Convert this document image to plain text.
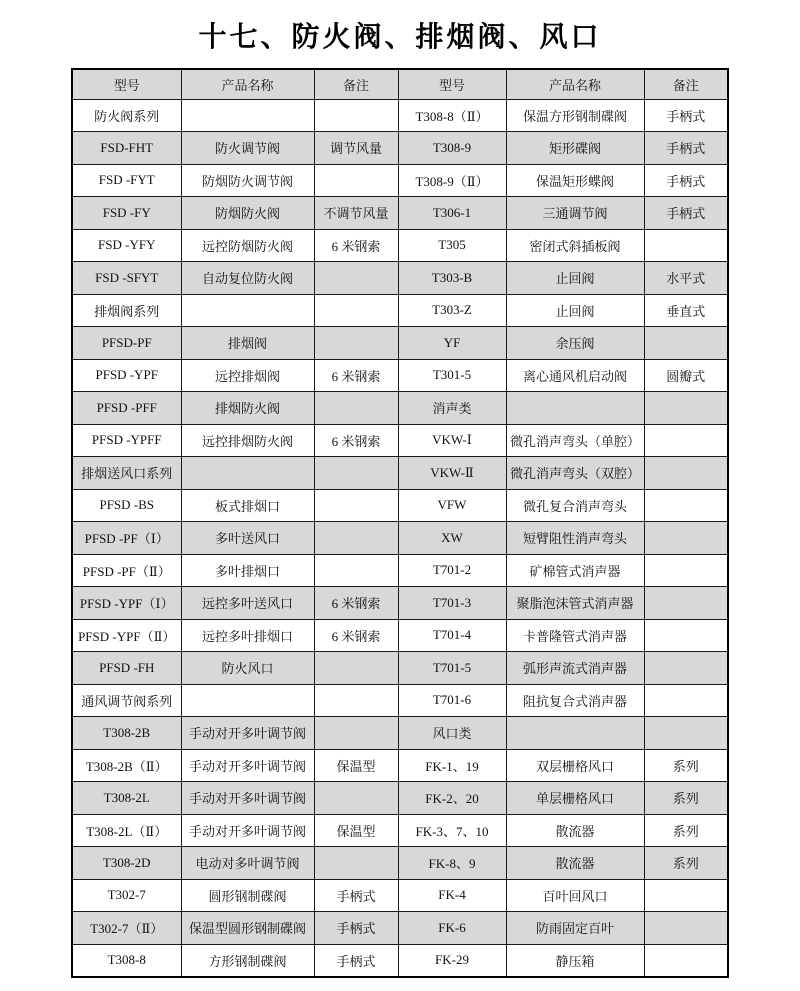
十七、防火阀、排烟阀、风口
型号	产品名称	备注	型号	产品名称	备注
防火阀系列			T308-8（Ⅱ）	保温方形钢制碟阀	手柄式
FSD-FHT	防火调节阀	调节风量	T308-9	矩形碟阀	手柄式
FSD -FYT	防烟防火调节阀		T308-9（Ⅱ）	保温矩形蝶阀	手柄式
FSD -FY	防烟防火阀	不调节风量	T306-1	三通调节阀	手柄式
FSD -YFY	远控防烟防火阀	6 米钢索	T305	密闭式斜插板阀	
FSD -SFYT	自动复位防火阀		T303-B	止回阀	水平式
排烟阀系列			T303-Z	止回阀	垂直式
PFSD-PF	排烟阀		YF	余压阀	
PFSD -YPF	远控排烟阀	6 米钢索	T301-5	离心通风机启动阀	圆瓣式
PFSD -PFF	排烟防火阀		消声类		
PFSD -YPFF	远控排烟防火阀	6 米钢索	VKW-Ⅰ	微孔消声弯头（单腔）	
排烟送风口系列			VKW-Ⅱ	微孔消声弯头（双腔）	
PFSD -BS	板式排烟口		VFW	微孔复合消声弯头	
PFSD -PF（Ⅰ）	多叶送风口		XW	短臂阻性消声弯头	
PFSD -PF（Ⅱ）	多叶排烟口		T701-2	矿棉管式消声器	
PFSD -YPF（Ⅰ）	远控多叶送风口	6 米钢索	T701-3	聚脂泡沫管式消声器	
PFSD -YPF（Ⅱ）	远控多叶排烟口	6 米钢索	T701-4	卡普隆管式消声器	
PFSD -FH	防火风口		T701-5	弧形声流式消声器	
通风调节阀系列			T701-6	阻抗复合式消声器	
T308-2B	手动对开多叶调节阀		风口类		
T308-2B（Ⅱ）	手动对开多叶调节阀	保温型	FK-1、19	双层栅格风口	系列
T308-2L	手动对开多叶调节阀		FK-2、20	单层栅格风口	系列
T308-2L（Ⅱ）	手动对开多叶调节阀	保温型	FK-3、7、10	散流器	系列
T308-2D	电动对多叶调节阀		FK-8、9	散流器	系列
T302-7	圆形钢制碟阀	手柄式	FK-4	百叶回风口	
T302-7（Ⅱ）	保温型圆形钢制碟阀	手柄式	FK-6	防雨固定百叶	
T308-8	方形钢制碟阀	手柄式	FK-29	静压箱	
